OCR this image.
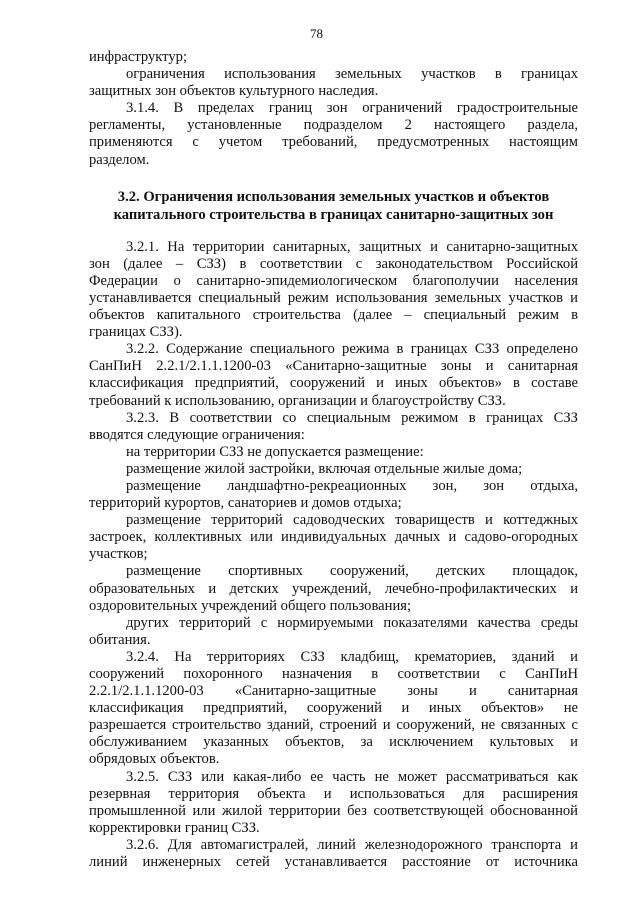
78

инфраструктур;

ограничения использования земельных участков в границах

защитных зон объектов культурного наследия.

3.1.4. В пределах границ зон ограничений градостроительные

регламенты, установленные подразделом 2 настоящего раздела,

применяются с учетом требований, предусмотренных настоящим

разделом.

3.2. Ограничения использования земельных участков и объектов

капитального строительства в границах санитарно-защитных зон

3.2.1. На территории санитарных, защитных и санитарно-защитных

зон (далее – СЗЗ) в соответствии с законодательством Российской

Федерации о санитарно-эпидемиологическом благополучии населения

устанавливается специальный режим использования земельных участков и

объектов капитального строительства (далее – специальный режим в

границах СЗЗ).

3.2.2. Содержание специального режима в границах СЗЗ определено

СанПиН 2.2.1/2.1.1.1200-03 «Санитарно-защитные зоны и санитарная

классификация предприятий, сооружений и иных объектов» в составе

требований к использованию, организации и благоустройству СЗЗ.

3.2.3. В соответствии со специальным режимом в границах СЗЗ

вводятся следующие ограничения:

на территории СЗЗ не допускается размещение:

размещение жилой застройки, включая отдельные жилые дома;

размещение ландшафтно-рекреационных зон, зон отдыха,

территорий курортов, санаториев и домов отдыха;

размещение территорий садоводческих товариществ и коттеджных

застроек, коллективных или индивидуальных дачных и садово-огородных

участков;

размещение спортивных сооружений, детских площадок,

образовательных и детских учреждений, лечебно-профилактических и

оздоровительных учреждений общего пользования;

других территорий с нормируемыми показателями качества среды

обитания.

3.2.4. На территориях СЗЗ кладбищ, крематориев, зданий и

сооружений похоронного назначения в соответствии с СанПиН

2.2.1/2.1.1.1200-03 «Санитарно-защитные зоны и санитарная

классификация предприятий, сооружений и иных объектов» не

разрешается строительство зданий, строений и сооружений, не связанных с

обслуживанием указанных объектов, за исключением культовых и

обрядовых объектов.

3.2.5. СЗЗ или какая-либо ее часть не может рассматриваться как

резервная территория объекта и использоваться для расширения

промышленной или жилой территории без соответствующей обоснованной

корректировки границ СЗЗ.

3.2.6. Для автомагистралей, линий железнодорожного транспорта и

линий инженерных сетей устанавливается расстояние от источника
